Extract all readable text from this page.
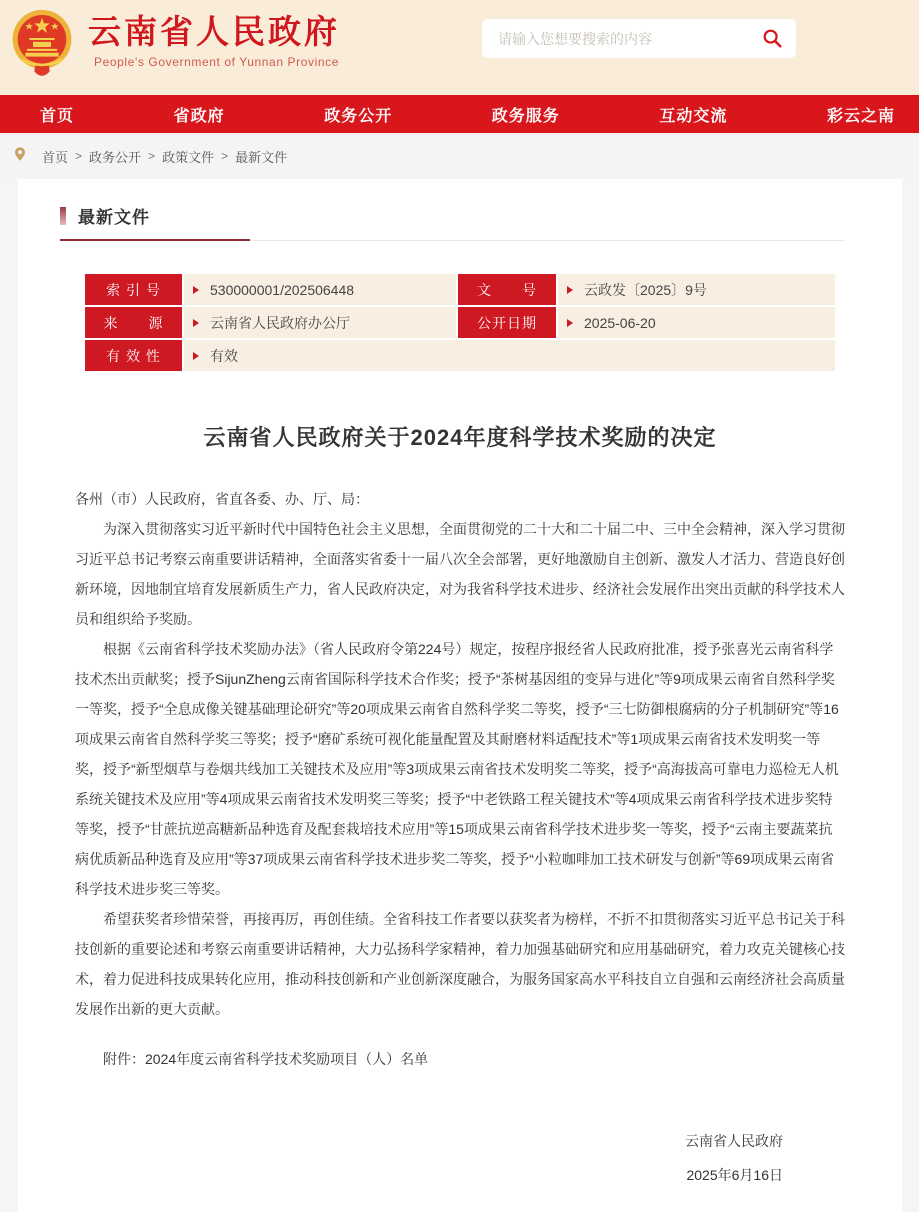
云南省人民政府
People's Government of Yunnan Province
请输入您想要搜索的内容
首页	省政府	政务公开	政务服务	互动交流	彩云之南
首页 > 政务公开 > 政策文件 > 最新文件
最新文件
索 引 号	530000001/202506448	文　　号	云政发〔2025〕9号
来　　源	云南省人民政府办公厅	公开日期	2025-06-20
有 效 性	有效
云南省人民政府关于2024年度科学技术奖励的决定

各州（市）人民政府，省直各委、办、厅、局：

为深入贯彻落实习近平新时代中国特色社会主义思想，全面贯彻党的二十大和二十届二中、三中全会精神，深入学习贯彻习近平总书记考察云南重要讲话精神，全面落实省委十一届八次全会部署，更好地激励自主创新、激发人才活力、营造良好创新环境，因地制宜培育发展新质生产力，省人民政府决定，对为我省科学技术进步、经济社会发展作出突出贡献的科学技术人员和组织给予奖励。

根据《云南省科学技术奖励办法》（省人民政府令第224号）规定，按程序报经省人民政府批准，授予张喜光云南省科学技术杰出贡献奖；授予SijunZheng云南省国际科学技术合作奖；授予“茶树基因组的变异与进化”等9项成果云南省自然科学奖一等奖，授予“全息成像关键基础理论研究”等20项成果云南省自然科学奖二等奖，授予“三七防御根腐病的分子机制研究”等16项成果云南省自然科学奖三等奖；授予“磨矿系统可视化能量配置及其耐磨材料适配技术”等1项成果云南省技术发明奖一等奖，授予“新型烟草与卷烟共线加工关键技术及应用”等3项成果云南省技术发明奖二等奖，授予“高海拔高可靠电力巡检无人机系统关键技术及应用”等4项成果云南省技术发明奖三等奖；授予“中老铁路工程关键技术”等4项成果云南省科学技术进步奖特等奖，授予“甘蔗抗逆高糖新品种选育及配套栽培技术应用”等15项成果云南省科学技术进步奖一等奖，授予“云南主要蔬菜抗病优质新品种选育及应用”等37项成果云南省科学技术进步奖二等奖，授予“小粒咖啡加工技术研发与创新”等69项成果云南省科学技术进步奖三等奖。

希望获奖者珍惜荣誉，再接再厉，再创佳绩。全省科技工作者要以获奖者为榜样，不折不扣贯彻落实习近平总书记关于科技创新的重要论述和考察云南重要讲话精神，大力弘扬科学家精神，着力加强基础研究和应用基础研究，着力攻克关键核心技术，着力促进科技成果转化应用，推动科技创新和产业创新深度融合，为服务国家高水平科技自立自强和云南经济社会高质量发展作出新的更大贡献。

附件：2024年度云南省科学技术奖励项目（人）名单
云南省人民政府
2025年6月16日
